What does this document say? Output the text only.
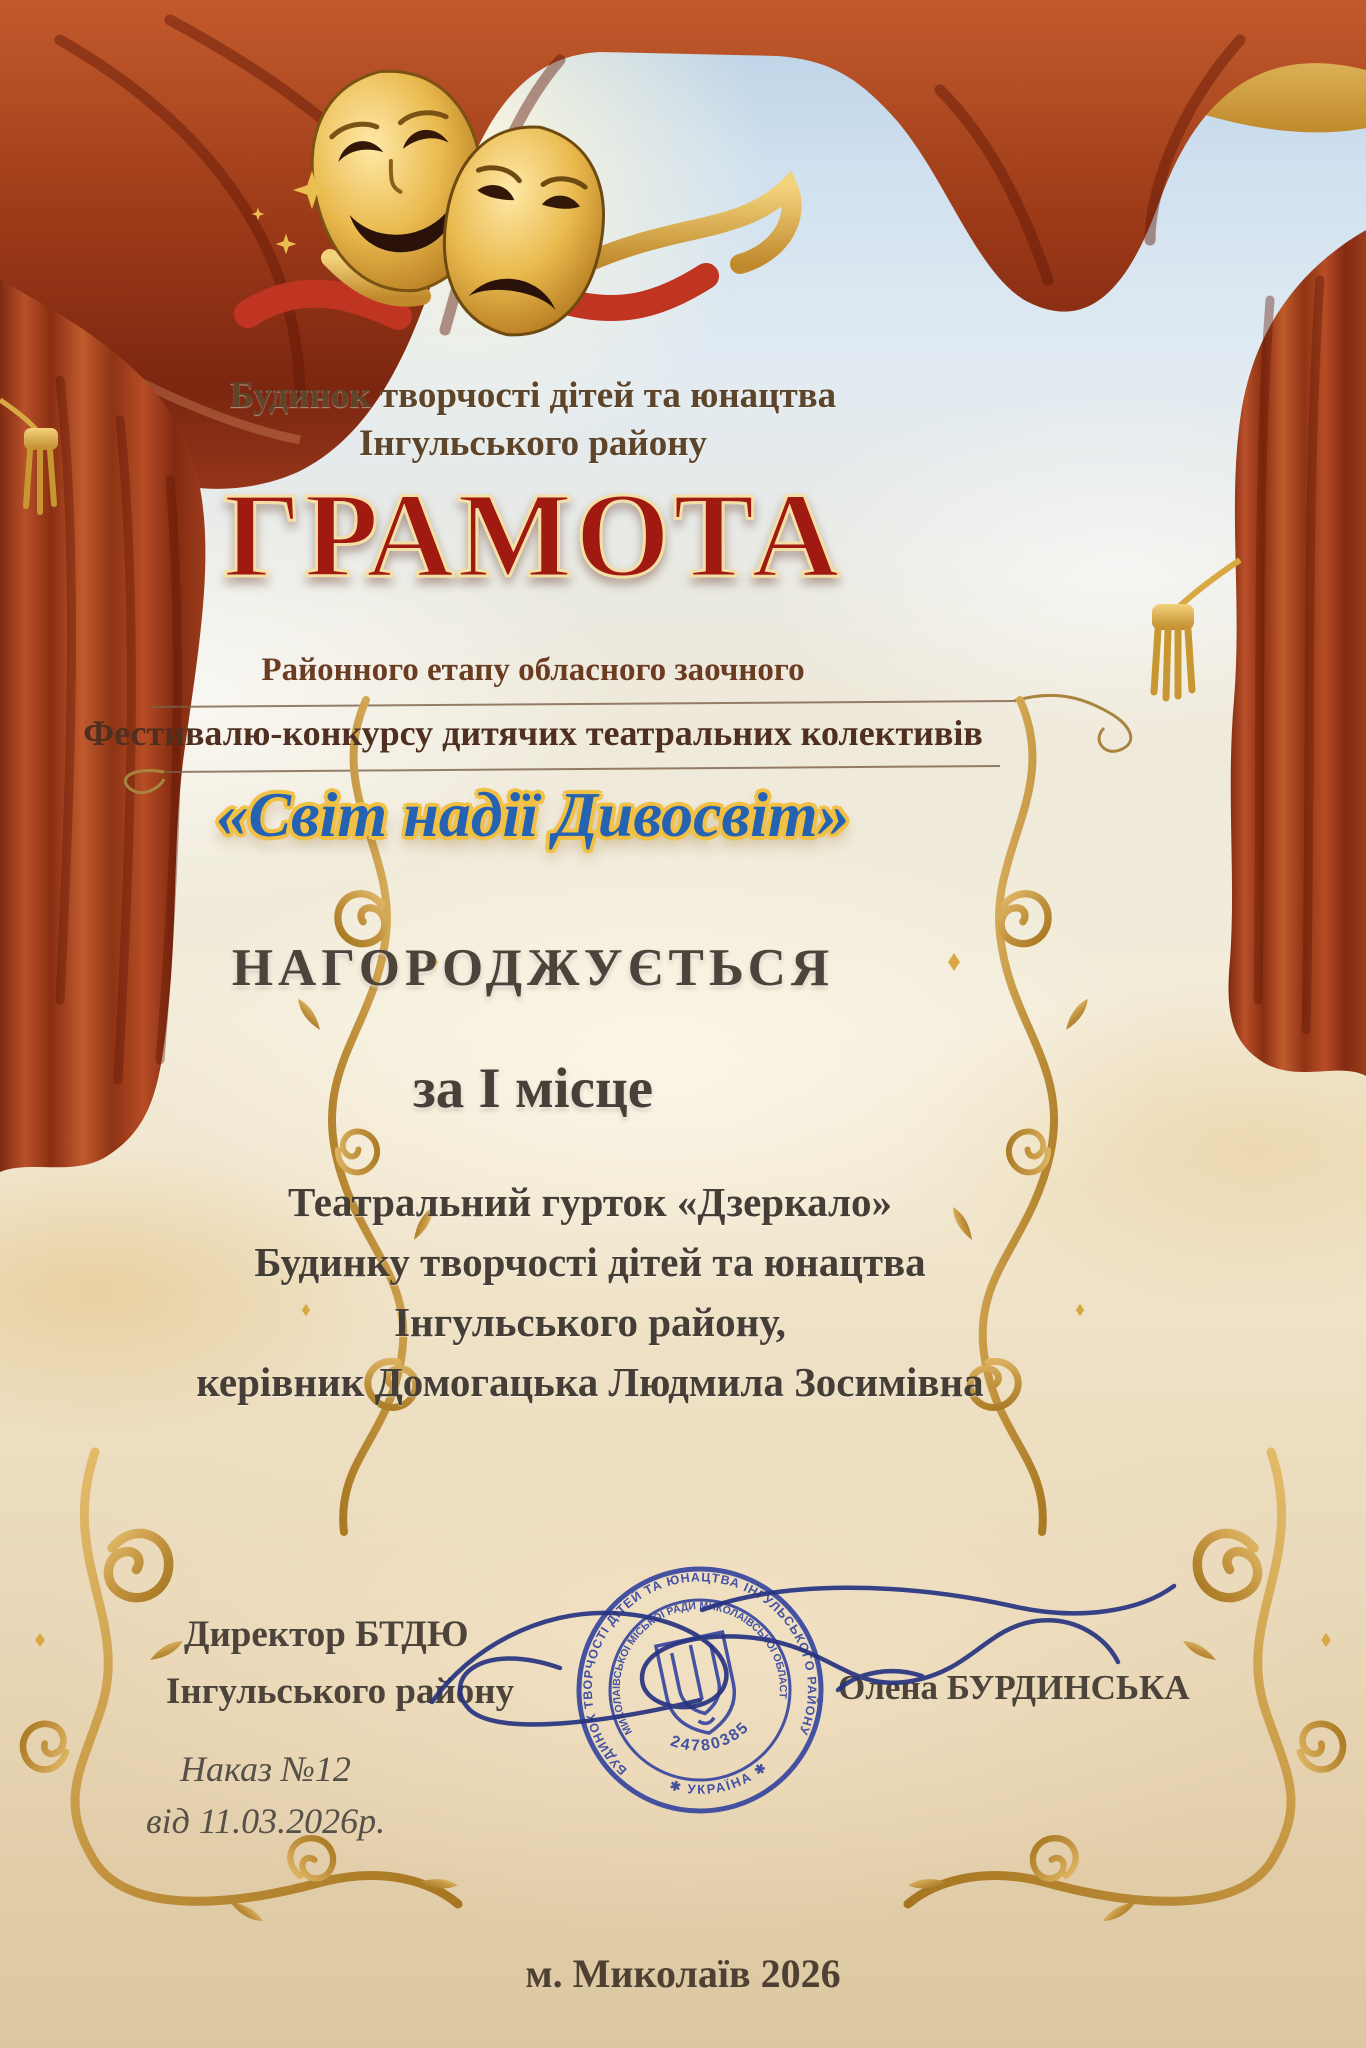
Будинок творчості дітей та юнацтва
Інгульського району
ГРАМОТА
Районного етапу обласного заочного
Фестивалю-конкурсу дитячих театральних колективів
«Світ надії Дивосвіт»
НАГОРОДЖУЄТЬСЯ
за І місце
Театральний гурток «Дзеркало»
Будинку творчості дітей та юнацтва
Інгульського району,
керівник Домогацька Людмила Зосимівна
Директор БТДЮ
Інгульського району	Олена БУРДИНСЬКА
Наказ №12
від 11.03.2026р.
м. Миколаїв 2026
БУДИНОК ТВОРЧОСТІ ДІТЕЙ ТА ЮНАЦТВА ІНГУЛЬСЬКОГО РАЙОНУ
✱ УКРАЇНА ✱
МИКОЛАЇВСЬКОЇ МІСЬКОЇ РАДИ МИКОЛАЇВСЬКОЇ ОБЛАСТІ
24780385
